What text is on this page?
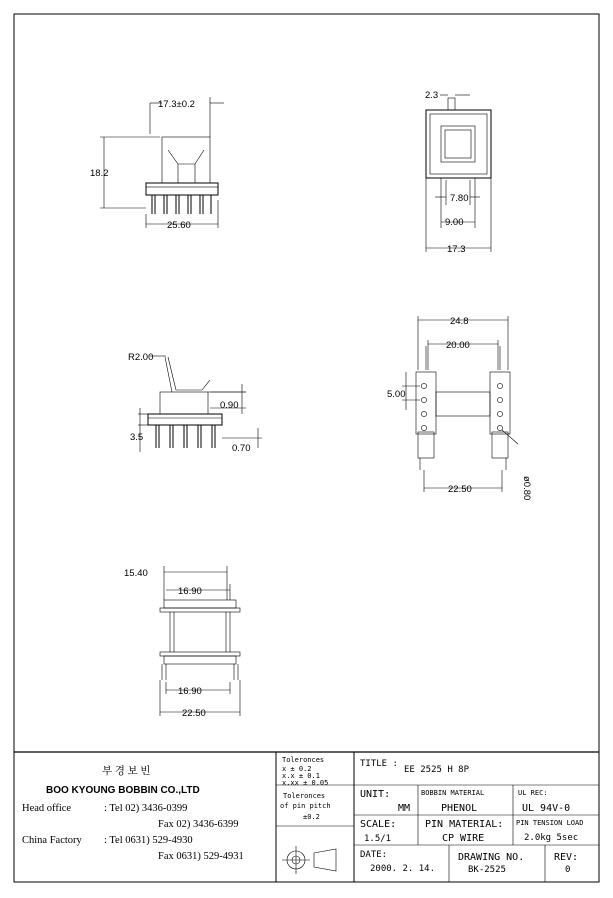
17.3±0.2
18.2
25.60
2.3
7.80
9.00
17.3
R2.00
0.90
3.5
0.70
24.8
20.00
5.00
22.50	ø0.80
15.40
16.90
16.90
22.50
부 경 보 빈
BOO KYOUNG BOBBIN CO.,LTD
Head office	: Tel 02) 3436-0399
Fax 02) 3436-6399
China Factory : Tel 0631) 529-4930
Fax 0631) 529-4931
Toleronces
x ± 0.2
x.x ± 0.1
x.xx ± 0.05
Toleronces
of pin pitch
±0.2
TITLE :
EE 2525 H 8P
UNIT:
MM
BOBBIN MATERIAL
PHENOL
UL REC:
UL 94V-0
SCALE:
1.5/1
PIN MATERIAL:
CP WIRE
PIN TENSION LOAD
2.0kg 5sec
DATE:
2000. 2. 14.
DRAWING NO.
BK-2525
REV:
0
